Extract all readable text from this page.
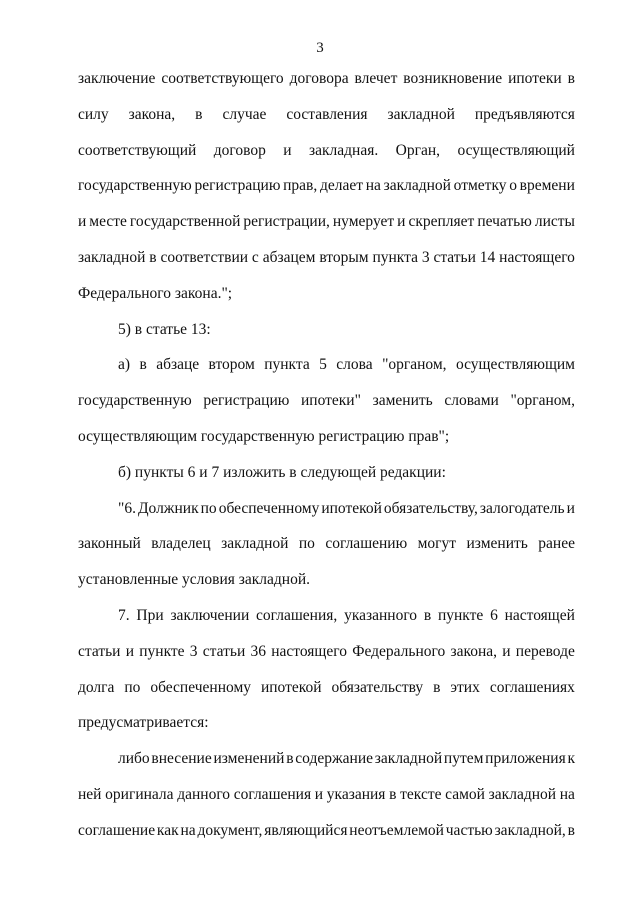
3
заключение соответствующего договора влечет возникновение ипотеки в
силу закона, в случае составления закладной предъявляются
соответствующий договор и закладная. Орган, осуществляющий
государственную регистрацию прав, делает на закладной отметку о времени
и месте государственной регистрации, нумерует и скрепляет печатью листы
закладной в соответствии с абзацем вторым пункта 3 статьи 14 настоящего
Федерального закона.";
5) в статье 13:
а) в абзаце втором пункта 5 слова "органом, осуществляющим
государственную регистрацию ипотеки" заменить словами "органом,
осуществляющим государственную регистрацию прав";
б) пункты 6 и 7 изложить в следующей редакции:
"6. Должник по обеспеченному ипотекой обязательству, залогодатель и
законный владелец закладной по соглашению могут изменить ранее
установленные условия закладной.
7. При заключении соглашения, указанного в пункте 6 настоящей
статьи и пункте 3 статьи 36 настоящего Федерального закона, и переводе
долга по обеспеченному ипотекой обязательству в этих соглашениях
предусматривается:
либо внесение изменений в содержание закладной путем приложения к
ней оригинала данного соглашения и указания в тексте самой закладной на
соглашение как на документ, являющийся неотъемлемой частью закладной, в
